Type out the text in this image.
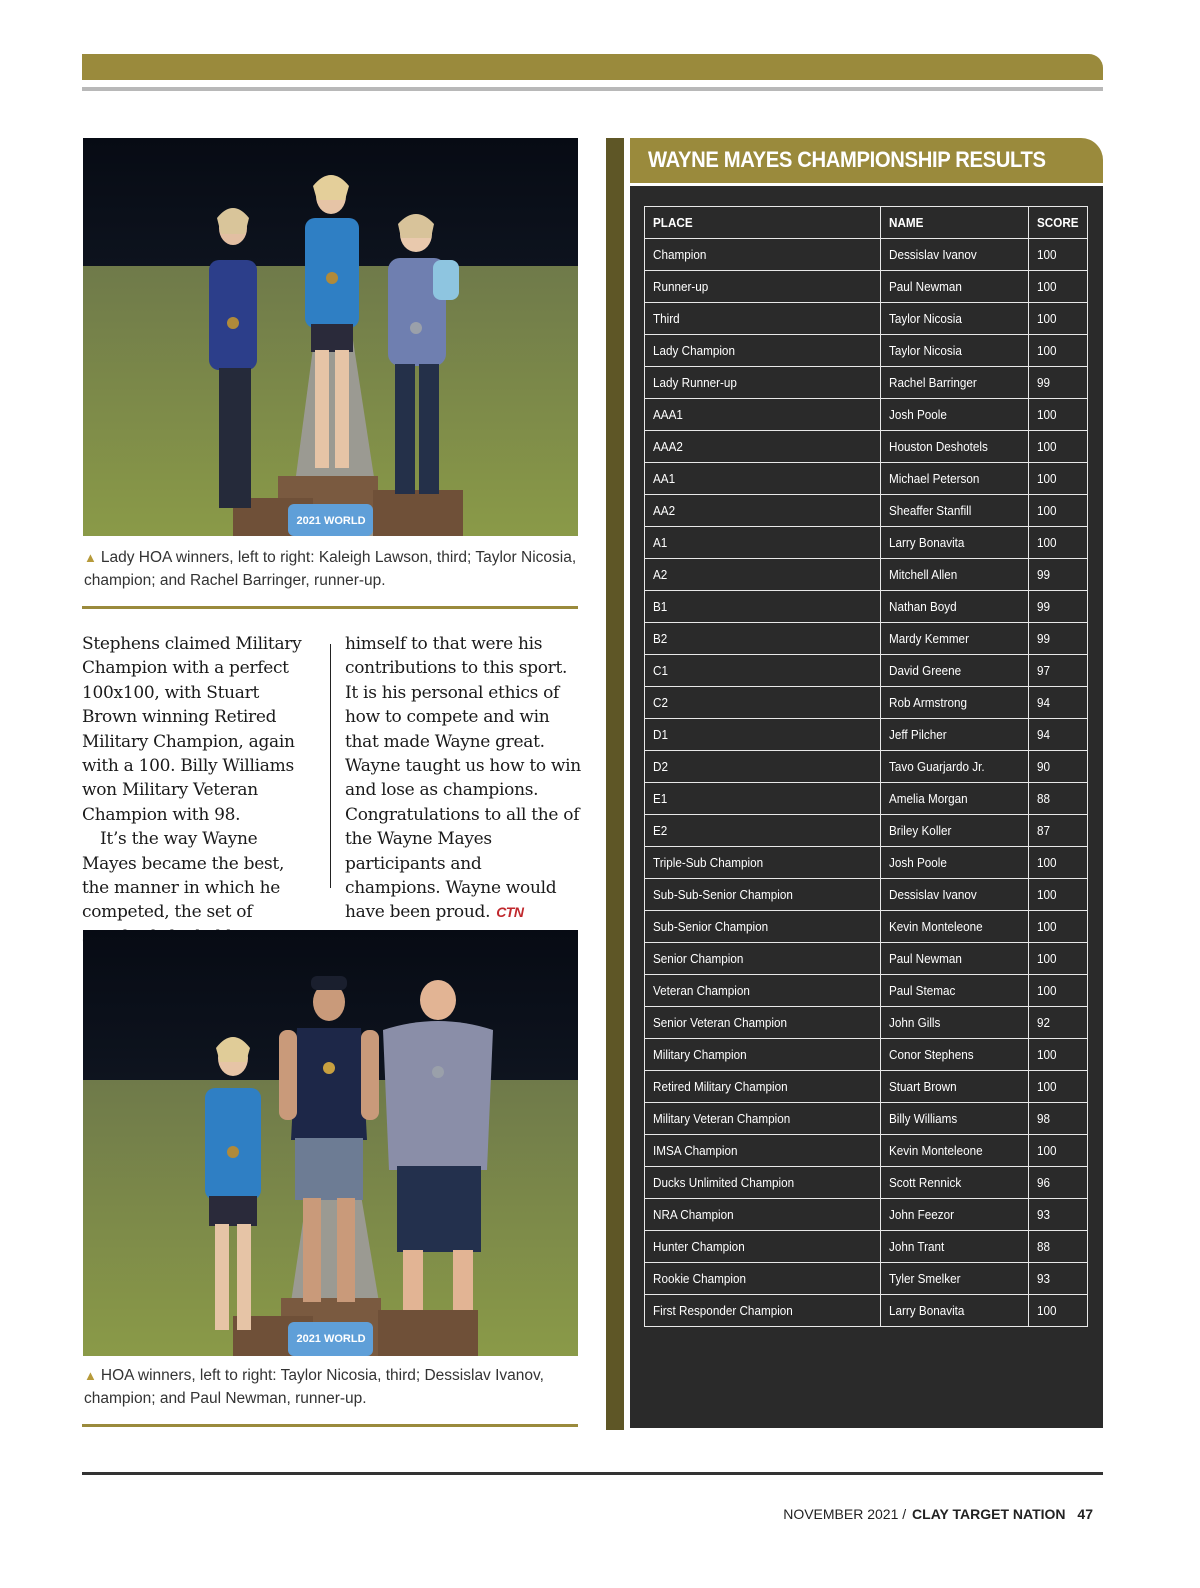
2021 WORLD
▲ Lady HOA winners, left to right: Kaleigh Lawson, third; Taylor Nicosia, champion; and Rachel Barringer, runner-up.

Stephens claimed Military Champion with a perfect 100x100, with Stuart Brown winning Retired Military Champion, again with a 100. Billy Williams won Military Veteran Champion with 98.

It’s the way Wayne Mayes became the best, the manner in which he competed, the set of

himself to that were his contributions to this sport. It is his personal ethics of how to compete and win that made Wayne great. Wayne taught us how to win and lose as champions. Congratulations to all the of the Wayne Mayes participants and champions. Wayne would have been proud. CTN

2021 WORLD
▲ HOA winners, left to right: Taylor Nicosia, third; Dessislav Ivanov, champion; and Paul Newman, runner-up.
WAYNE MAYES CHAMPIONSHIP RESULTS
PLACE	NAME	SCORE
Champion	Dessislav Ivanov	100
Runner-up	Paul Newman	100
Third	Taylor Nicosia	100
Lady Champion	Taylor Nicosia	100
Lady Runner-up	Rachel Barringer	99
AAA1	Josh Poole	100
AAA2	Houston Deshotels	100
AA1	Michael Peterson	100
AA2	Sheaffer Stanfill	100
A1	Larry Bonavita	100
A2	Mitchell Allen	99
B1	Nathan Boyd	99
B2	Mardy Kemmer	99
C1	David Greene	97
C2	Rob Armstrong	94
D1	Jeff Pilcher	94
D2	Tavo Guarjardo Jr.	90
E1	Amelia Morgan	88
E2	Briley Koller	87
Triple-Sub Champion	Josh Poole	100
Sub-Sub-Senior Champion	Dessislav Ivanov	100
Sub-Senior Champion	Kevin Monteleone	100
Senior Champion	Paul Newman	100
Veteran Champion	Paul Stemac	100
Senior Veteran Champion	John Gills	92
Military Champion	Conor Stephens	100
Retired Military Champion	Stuart Brown	100
Military Veteran Champion	Billy Williams	98
IMSA Champion	Kevin Monteleone	100
Ducks Unlimited Champion	Scott Rennick	96
NRA Champion	John Feezor	93
Hunter Champion	John Trant	88
Rookie Champion	Tyler Smelker	93
First Responder Champion	Larry Bonavita	100
NOVEMBER 2021 / CLAY TARGET NATION 47
